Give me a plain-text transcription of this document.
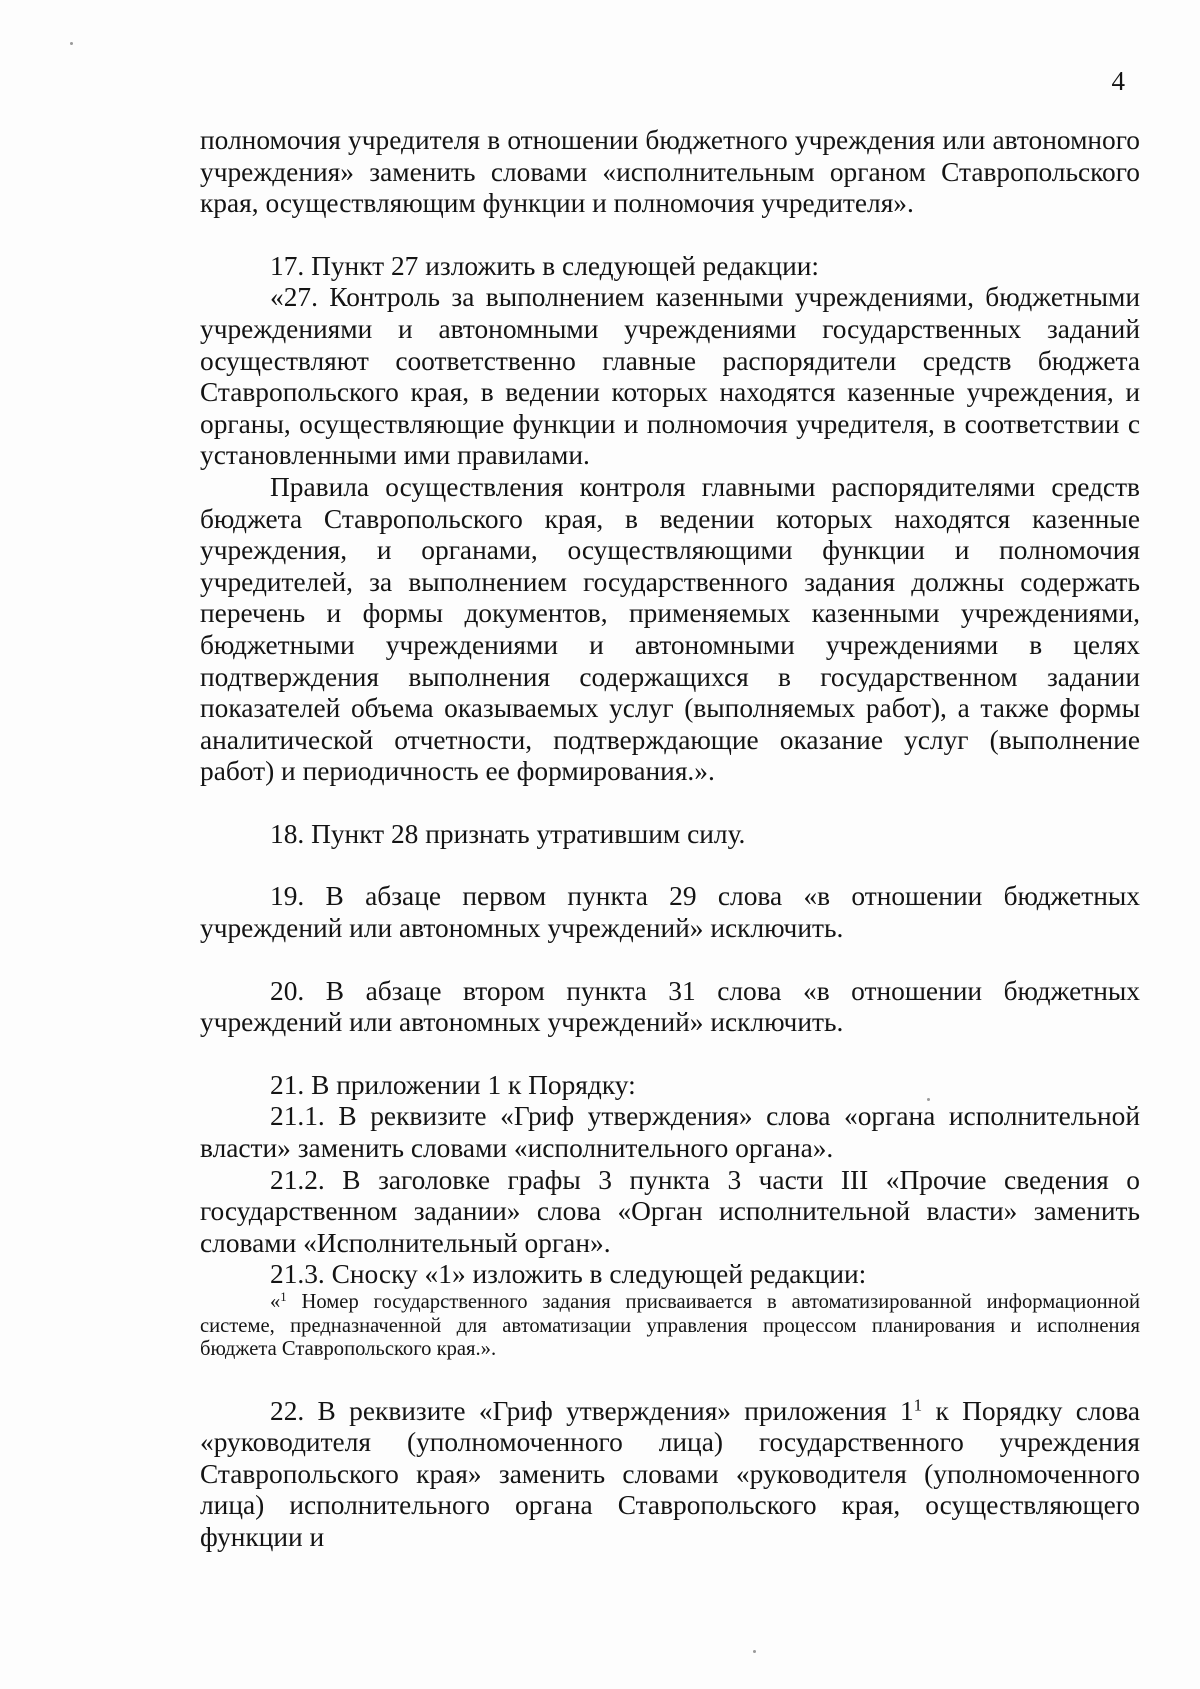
4

полномочия учредителя в отношении бюджетного учреждения или автономного учреждения» заменить словами «исполнительным органом Ставропольского края, осуществляющим функции и полномочия учредителя».

17. Пункт 27 изложить в следующей редакции:

«27. Контроль за выполнением казенными учреждениями, бюджетными учреждениями и автономными учреждениями государственных заданий осуществляют соответственно главные распорядители средств бюджета Ставропольского края, в ведении которых находятся казенные учреждения, и органы, осуществляющие функции и полномочия учредителя, в соответствии с установленными ими правилами.

Правила осуществления контроля главными распорядителями средств бюджета Ставропольского края, в ведении которых находятся казенные учреждения, и органами, осуществляющими функции и полномочия учредителей, за выполнением государственного задания должны содержать перечень и формы документов, применяемых казенными учреждениями, бюджетными учреждениями и автономными учреждениями в целях подтверждения выполнения содержащихся в государственном задании показателей объема оказываемых услуг (выполняемых работ), а также формы аналитической отчетности, подтверждающие оказание услуг (выполнение работ) и периодичность ее формирования.».

18. Пункт 28 признать утратившим силу.

19. В абзаце первом пункта 29 слова «в отношении бюджетных учреждений или автономных учреждений» исключить.

20. В абзаце втором пункта 31 слова «в отношении бюджетных учреждений или автономных учреждений» исключить.

21. В приложении 1 к Порядку:

21.1. В реквизите «Гриф утверждения» слова «органа исполнительной власти» заменить словами «исполнительного органа».

21.2. В заголовке графы 3 пункта 3 части III «Прочие сведения о государственном задании» слова «Орган исполнительной власти» заменить словами «Исполнительный орган».

21.3. Сноску «1» изложить в следующей редакции:

«$^1$ Номер государственного задания присваивается в автоматизированной информационной системе, предназначенной для автоматизации управления процессом планирования и исполнения бюджета Ставропольского края.».

22. В реквизите «Гриф утверждения» приложения $1^1$ к Порядку слова «руководителя (уполномоченного лица) государственного учреждения Ставропольского края» заменить словами «руководителя (уполномоченного лица) исполнительного органа Ставропольского края, осуществляющего функции и
